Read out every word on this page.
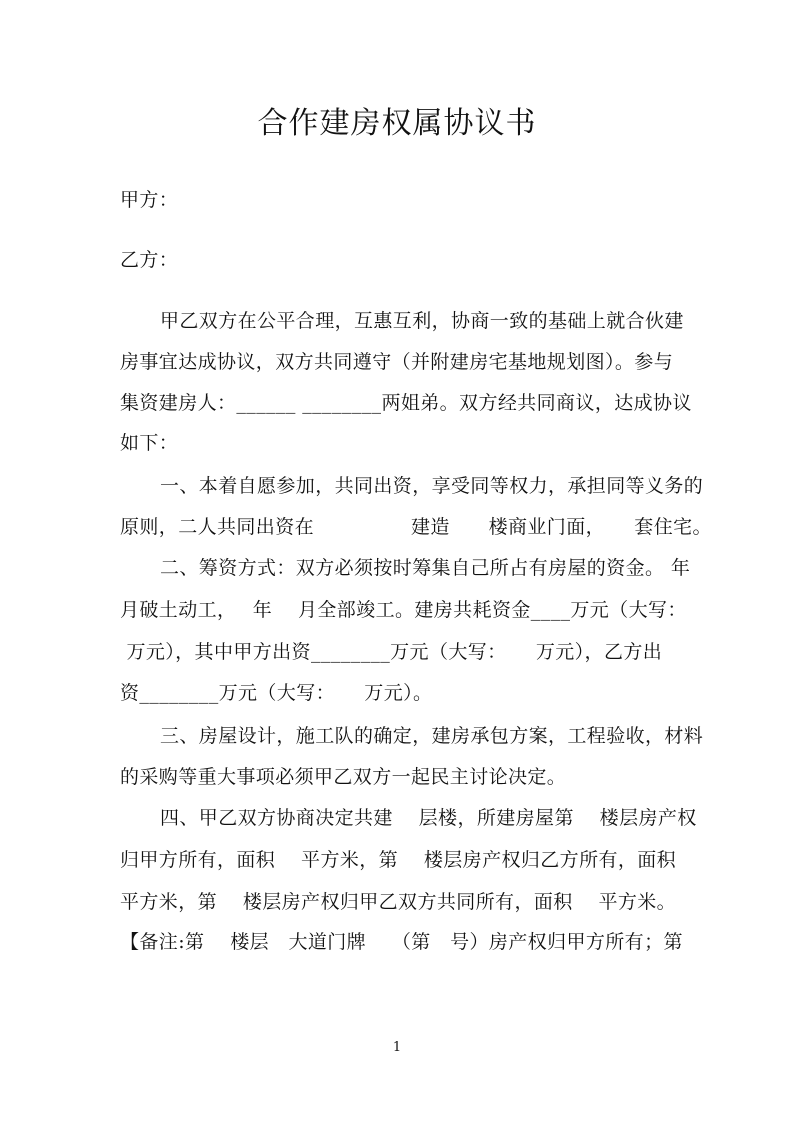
合作建房权属协议书
甲方：
乙方：
甲乙双方在公平合理，互惠互利，协商一致的基础上就合伙建
房事宜达成协议，双方共同遵守（并附建房宅基地规划图）。参与
集资建房人：______ ________两姐弟。双方经共同商议，达成协议
如下：
一、本着自愿参加，共同出资，享受同等权力，承担同等义务的
原则，二人共同出资在　　　　　建造　　楼商业门面，　　套住宅。
二、筹资方式：双方必须按时筹集自己所占有房屋的资金。 年
月破土动工，　 年　 月全部竣工。建房共耗资金____万元（大写：
万元），其中甲方出资________万元（大写：　　万元），乙方出
资________万元（大写：　　万元）。
三、房屋设计，施工队的确定，建房承包方案，工程验收，材料
的采购等重大事项必须甲乙双方一起民主讨论决定。
四、甲乙双方协商决定共建　 层楼，所建房屋第　 楼层房产权
归甲方所有，面积　 平方米，第　 楼层房产权归乙方所有，面积
平方米，第　 楼层房产权归甲乙双方共同所有，面积　 平方米。
【备注:第　 楼层　大道门牌　 （第　号）房产权归甲方所有；第
1
